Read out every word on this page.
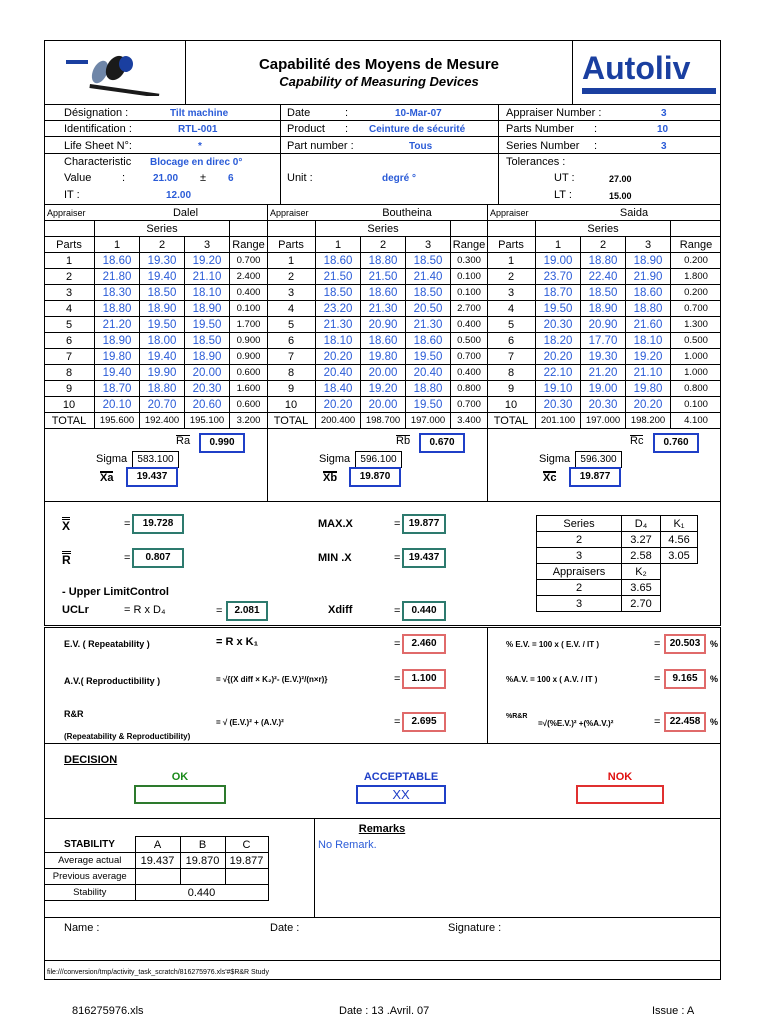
Capabilité des Moyens de Mesure
Capability of Measuring Devices	Autoliv
Désignation :	Tilt machine
Identification :	RTL-001
Life Sheet N°:	*
Characteristic Blocage en direc 0°
Value	:	21.00 ± 6
IT :	12.00
Date	:	10-Mar-07
Product : Ceinture de sécurité
Part number :	Tous
Unit :	degré °
Appraiser Number :	3
Parts Number :	10
Series Number :	3
Tolerances :
UT :	27.00
LT :	15.00
Appraiser	Dalel
	Series			
Parts	1	2	3	Range
1	18.60	19.30	19.20	0.700
2	21.80	19.40	21.10	2.400
3	18.30	18.50	18.10	0.400
4	18.80	18.90	18.90	0.100
5	21.20	19.50	19.50	1.700
6	18.90	18.00	18.50	0.900
7	19.80	19.40	18.90	0.900
8	19.40	19.90	20.00	0.600
9	18.70	18.80	20.30	1.600
10	20.10	20.70	20.60	0.600
TOTAL	195.600	192.400	195.100	3.200
Ra	0.990
Sigma	583.100
Xa	19.437
Appraiser	Boutheina
	Series			
Parts	1	2	3	Range
1	18.60	18.80	18.50	0.300
2	21.50	21.50	21.40	0.100
3	18.50	18.60	18.50	0.100
4	23.20	21.30	20.50	2.700
5	21.30	20.90	21.30	0.400
6	18.10	18.60	18.60	0.500
7	20.20	19.80	19.50	0.700
8	20.40	20.00	20.40	0.400
9	18.40	19.20	18.80	0.800
10	20.20	20.00	19.50	0.700
TOTAL	200.400	198.700	197.000	3.400
Rb	0.670
Sigma	596.100
Xb	19.870
Appraiser	Saida
	Series			
Parts	1	2	3	Range
1	19.00	18.80	18.90	0.200
2	23.70	22.40	21.90	1.800
3	18.70	18.50	18.60	0.200
4	19.50	18.90	18.80	0.700
5	20.30	20.90	21.60	1.300
6	18.20	17.70	18.10	0.500
7	20.20	19.30	19.20	1.000
8	22.10	21.20	21.10	1.000
9	19.10	19.00	19.80	0.800
10	20.30	20.30	20.20	0.100
TOTAL	201.100	197.000	198.200	4.100
Rc	0.760
Sigma	596.300
Xc	19.877
X	=	19.728
R	=	0.807
- Upper LimitControl
UCLr	= R x D₄	=	2.081
MAX.X	= 19.877
MIN .X	= 19.437
Xdiff	=	0.440
Series	D₄	K₁
2	3.27	4.56
3	2.58	3.05
Appraisers	K₂	
2	3.65	
3	2.70	
E.V. ( Repeatability )	= R x K₁	=	2.460
A.V.( Reproductibility )	= √{(X diff × K₂)²- (E.V.)²/(n×r)}	=	1.100
R&R
(Repeatability & Reproductibility)
= √ (E.V.)² + (A.V.)²	=	2.695
% E.V. = 100 x ( E.V. / IT )	= 20.503	%
%A.V. = 100 x ( A.V. / IT )	=	9.165	%
%R&R
=√(%E.V.)² +(%A.V.)²	= 22.458	%
DECISION
OK	ACCEPTABLE
XX
NOK
Remarks
No Remark.
STABILITY	A	B	C
Average actual	19.437	19.870	19.877
Previous average			
Stability	0.440		
Name :	Date :	Signature :
file:///conversion/tmp/activity_task_scratch/816275976.xls'#$R&R Study
816275976.xls	Date : 13 .Avril. 07	Issue : A
